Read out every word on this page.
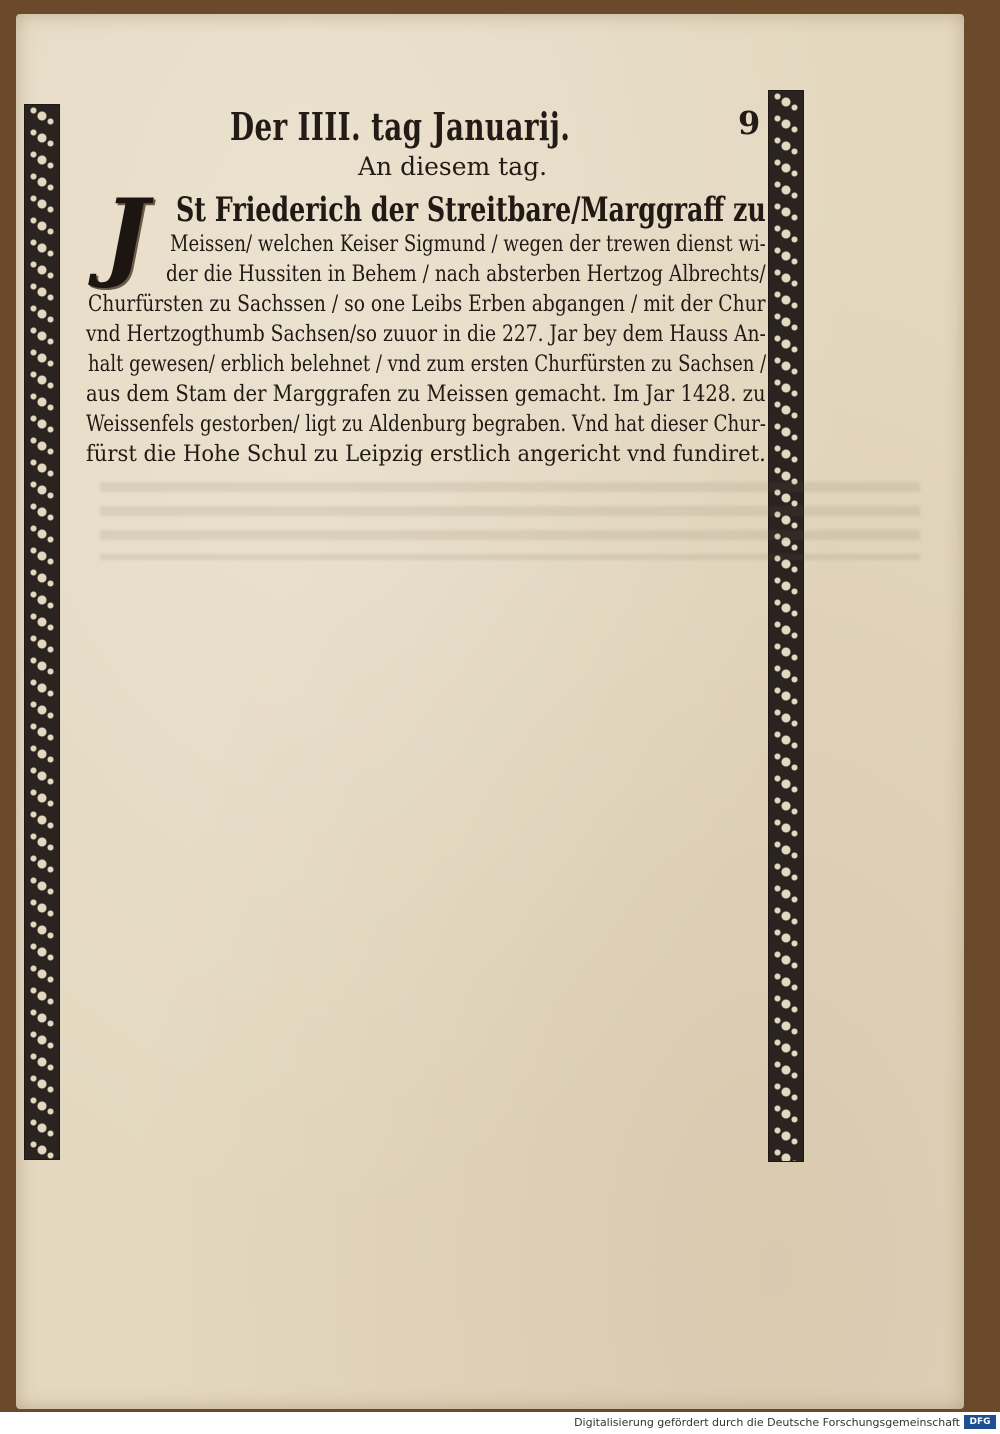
Der IIII. tag Januarij.	9
An diesem tag.
J St Friederich der Streitbare/Marggraff zu
Meissen/ welchen Keiser Sigmund / wegen der trewen dienst wi-
der die Hussiten in Behem / nach absterben Hertzog Albrechts/
Churfürsten zu Sachssen / so one Leibs Erben abgangen / mit der Chur
vnd Hertzogthumb Sachsen/so zuuor in die 227. Jar bey dem Hauss An-
halt gewesen/ erblich belehnet / vnd zum ersten Churfürsten zu Sachsen /
aus dem Stam der Marggrafen zu Meissen gemacht. Im Jar 1428. zu
Weissenfels gestorben/ ligt zu Aldenburg begraben. Vnd hat dieser Chur-
fürst die Hohe Schul zu Leipzig erstlich angericht vnd fundiret.
Digitalisierung gefördert durch die Deutsche Forschungsgemeinschaft	DFG
